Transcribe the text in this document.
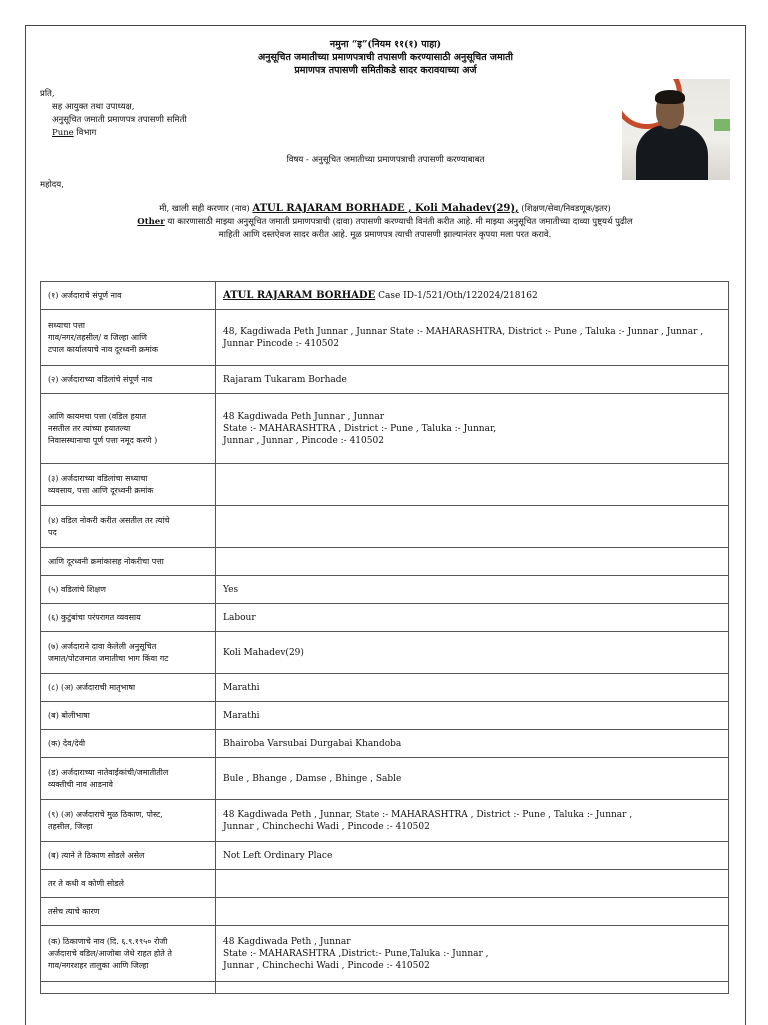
नमुना “इ”(नियम ११(१) पाहा)
अनुसूचित जमातीच्या प्रमाणपत्राची तपासणी करण्यासाठी अनुसूचित जमाती
प्रमाणपत्र तपासणी समितीकडे सादर करावयाच्या अर्ज
प्रति,
सह आयुक्त तथा उपाध्यक्ष,
अनुसूचित जमाती प्रमाणपत्र तपासणी समिती
Pune विभाग
विषय - अनुसूचित जमातीच्या प्रमाणपत्राची तपासणी करण्याबाबत
महोदय,
मी, खाली सही करणार (नाव) ATUL RAJARAM BORHADE , Koli Mahadev(29), (शिक्षण/सेवा/निवडणूक/इतर)
Other या कारणासाठी माझ्या अनुसूचित जमाती प्रमाणपत्राची (दावा) तपासणी करण्याची विनंती करीत आहे. मी माझ्या अनुसूचित जमातीच्या दाव्या पुष्ट्यर्थ पुढील माहिती आणि दस्तऐवज सादर करीत आहे. मूळ प्रमाणपत्र त्याची तपासणी झाल्यानंतर कृपया मला परत करावे.
(१) अर्जदाराचे संपूर्ण नाव	ATUL RAJARAM BORHADE Case ID-1/521/Oth/122024/218162
सध्याचा पत्ता
गाव/नगर/तहसील/ व जिल्हा आणि
टपाल कार्यालयाचे नाव दूरध्वनी क्रमांक	48, Kagdiwada Peth Junnar , Junnar State :- MAHARASHTRA, District :- Pune , Taluka :- Junnar , Junnar ,
Junnar Pincode :- 410502
(२) अर्जदाराच्या वडिलांचे संपूर्ण नाव	Rajaram Tukaram Borhade
आणि कायमचा पत्ता (वडिल हयात
नसतील तर त्यांच्या हयातल्या
निवासस्थानाचा पूर्ण पत्ता नमूद करणे )	48 Kagdiwada Peth Junnar , Junnar
State :- MAHARASHTRA , District :- Pune , Taluka :- Junnar,
Junnar , Junnar , Pincode :- 410502
(३) अर्जदाराच्या वडिलांचा सध्याचा
व्यवसाय, पत्ता आणि दूरध्वनी क्रमांक	
(४) वडिल नोकरी करीत असतील तर त्यांचे
पद	
आणि दूरध्वनी क्रमांकासह नोकरीचा पत्ता	
(५) वडिलांचे शिक्षण	Yes
(६) कुटुंबांचा परंपरागत व्यवसाय	Labour
(७) अर्जदाराने दावा केलेली अनुसूचित
जमात/पोटजमात जमातीचा भाग किंवा गट	Koli Mahadev(29)
(८) (अ) अर्जदाराची मातृभाषा	Marathi
(ब) बोलीभाषा	Marathi
(क) देव/देवी	Bhairoba Varsubai Durgabai Khandoba
(ड) अर्जदाराच्या नातेवाईकांची/जमातीतील
व्यक्तीची नाव आडनावे	Bule , Bhange , Damse , Bhinge , Sable
(९) (अ) अर्जदाराचे मुळ ठिकाण, पोस्ट,
तहसील, जिल्हा	48 Kagdiwada Peth , Junnar, State :- MAHARASHTRA , District :- Pune , Taluka :- Junnar ,
Junnar , Chinchechi Wadi , Pincode :- 410502
(ब) त्याने ते ठिकाण सोडले असेल	Not Left Ordinary Place
तर ते कधी व कोणी सोडले	
तसेच त्याचे कारण	
(क) ठिकाणाचे नाव (दि. ६.९.१९५० रोजी
अर्जदाराचे वडिल/आजोबा जेथे राहत होते ते
गाव/नगरशहर तालुका आणि जिल्हा	48 Kagdiwada Peth , Junnar
State :- MAHARASHTRA ,District:- Pune,Taluka :- Junnar ,
Junnar , Chinchechi Wadi , Pincode :- 410502
